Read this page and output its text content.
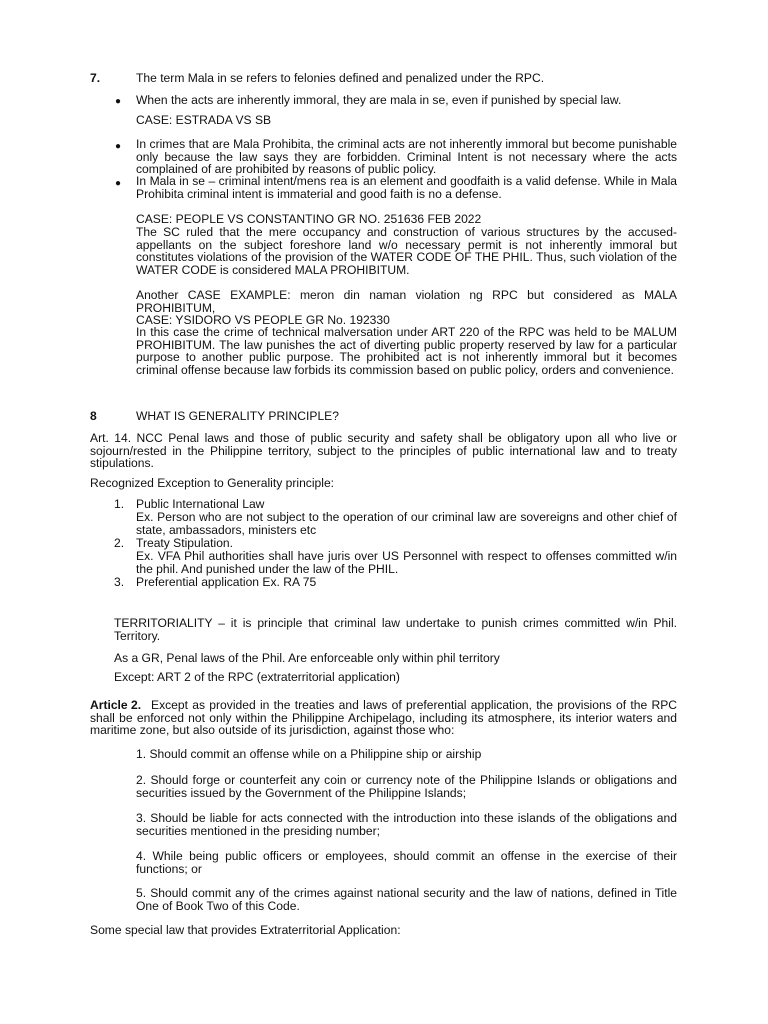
7.	The term Mala in se refers to felonies defined and penalized under the RPC.

● When the acts are inherently immoral, they are mala in se, even if punished by special law.

CASE: ESTRADA VS SB

● In crimes that are Mala Prohibita, the criminal acts are not inherently immoral but become punishable only because the law says they are forbidden. Criminal Intent is not necessary where the acts complained of are prohibited by reasons of public policy.

● In Mala in se – criminal intent/mens rea is an element and goodfaith is a valid defense. While in Mala Prohibita criminal intent is immaterial and good faith is no a defense.

CASE: PEOPLE VS CONSTANTINO GR NO. 251636 FEB 2022

The SC ruled that the mere occupancy and construction of various structures by the accused-appellants on the subject foreshore land w/o necessary permit is not inherently immoral but constitutes violations of the provision of the WATER CODE OF THE PHIL. Thus, such violation of the WATER CODE is considered MALA PROHIBITUM.

Another CASE EXAMPLE: meron din naman violation ng RPC but considered as MALA PROHIBITUM,

CASE: YSIDORO VS PEOPLE GR No. 192330

In this case the crime of technical malversation under ART 220 of the RPC was held to be MALUM PROHIBITUM. The law punishes the act of diverting public property reserved by law for a particular purpose to another public purpose. The prohibited act is not inherently immoral but it becomes criminal offense because law forbids its commission based on public policy, orders and convenience.

8	WHAT IS GENERALITY PRINCIPLE?

Art. 14. NCC Penal laws and those of public security and safety shall be obligatory upon all who live or sojourn/rested in the Philippine territory, subject to the principles of public international law and to treaty stipulations.

Recognized Exception to Generality principle:

1. Public International Law

Ex. Person who are not subject to the operation of our criminal law are sovereigns and other chief of state, ambassadors, ministers etc

2. Treaty Stipulation.

Ex. VFA Phil authorities shall have juris over US Personnel with respect to offenses committed w/in the phil. And punished under the law of the PHIL.

3. Preferential application Ex. RA 75

TERRITORIALITY – it is principle that criminal law undertake to punish crimes committed w/in Phil. Territory.

As a GR, Penal laws of the Phil. Are enforceable only within phil territory

Except: ART 2 of the RPC (extraterritorial application)

Except as provided in the treaties and laws of preferential application, the provisions of the RPC shall be enforced not only within the Philippine Archipelago, including its atmosphere, its interior waters and maritime zone, but also outside of its jurisdiction, against those who:

Article 2.

1. Should commit an offense while on a Philippine ship or airship

2. Should forge or counterfeit any coin or currency note of the Philippine Islands or obligations and securities issued by the Government of the Philippine Islands;

3. Should be liable for acts connected with the introduction into these islands of the obligations and securities mentioned in the presiding number;

4. While being public officers or employees, should commit an offense in the exercise of their functions; or

5. Should commit any of the crimes against national security and the law of nations, defined in Title One of Book Two of this Code.

Some special law that provides Extraterritorial Application:
